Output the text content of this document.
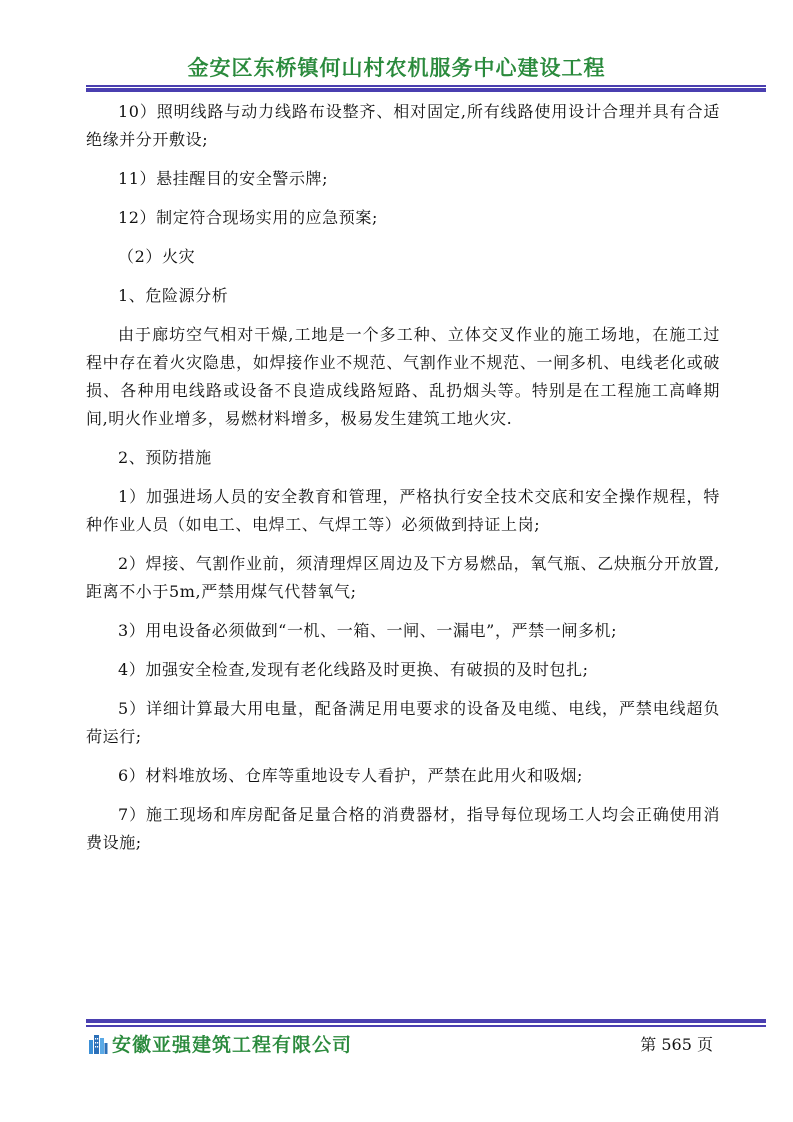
金安区东桥镇何山村农机服务中心建设工程

10）照明线路与动力线路布设整齐、相对固定,所有线路使用设计合理并具有合适绝缘并分开敷设;

11）悬挂醒目的安全警示牌;

12）制定符合现场实用的应急预案;

（2）火灾

1、危险源分析

由于廊坊空气相对干燥,工地是一个多工种、立体交叉作业的施工场地，在施工过程中存在着火灾隐患，如焊接作业不规范、气割作业不规范、一闸多机、电线老化或破损、各种用电线路或设备不良造成线路短路、乱扔烟头等。特别是在工程施工高峰期间,明火作业增多，易燃材料增多，极易发生建筑工地火灾.

2、预防措施

1）加强进场人员的安全教育和管理，严格执行安全技术交底和安全操作规程，特种作业人员（如电工、电焊工、气焊工等）必须做到持证上岗;

2）焊接、气割作业前，须清理焊区周边及下方易燃品，氧气瓶、乙炔瓶分开放置,距离不小于5m,严禁用煤气代替氧气;

3）用电设备必须做到“一机、一箱、一闸、一漏电”，严禁一闸多机;

4）加强安全检查,发现有老化线路及时更换、有破损的及时包扎;

5）详细计算最大用电量，配备满足用电要求的设备及电缆、电线，严禁电线超负荷运行;

6）材料堆放场、仓库等重地设专人看护，严禁在此用火和吸烟;

7）施工现场和库房配备足量合格的消费器材，指导每位现场工人均会正确使用消费设施;

安徽亚强建筑工程有限公司	第 565 页
